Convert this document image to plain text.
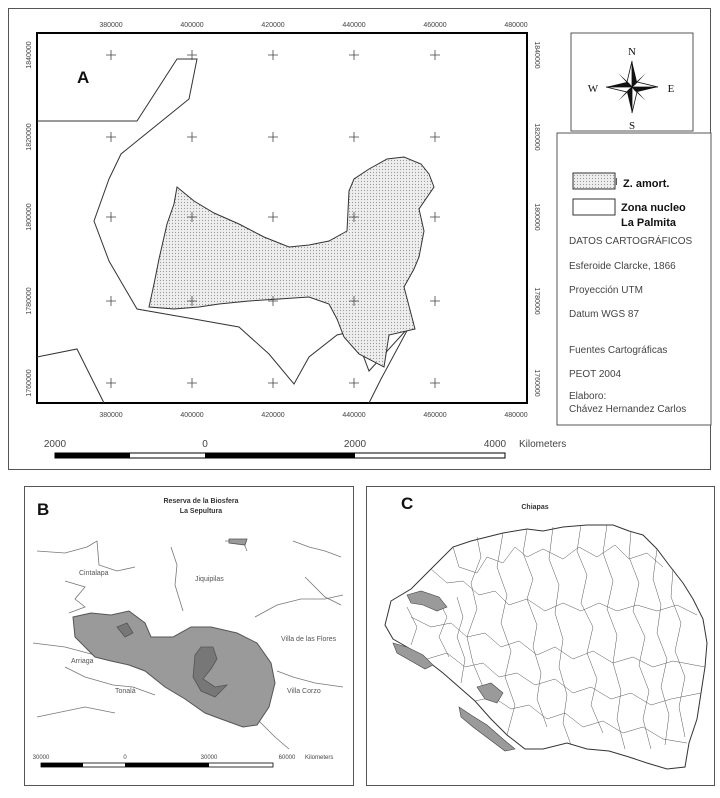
380000	400000	420000	440000	460000	480000
380000	400000	420000	440000	460000	480000
1840000
1820000
1800000
1780000
1760000
1840000
1820000
1800000
1780000
1760000
A
N
S
E
W
I Z. amort.
Zona nucleo
La Palmita
DATOS CARTOGRÁFICOS
Esferoide Clarcke, 1866
Proyección UTM
Datum WGS 87
Fuentes Cartográficas
PEOT 2004
Elaboro:
Chávez Hernandez Carlos
2000	0	2000	4000 Kilometers
B	Reserva de la Biosfera
La Sepultura
Cintalapa
Jiquipilas
Villa de las Flores
Arriaga
Tonalá	Villa Corzo
30000	0	30000	60000 Kilometers
C	Chiapas
